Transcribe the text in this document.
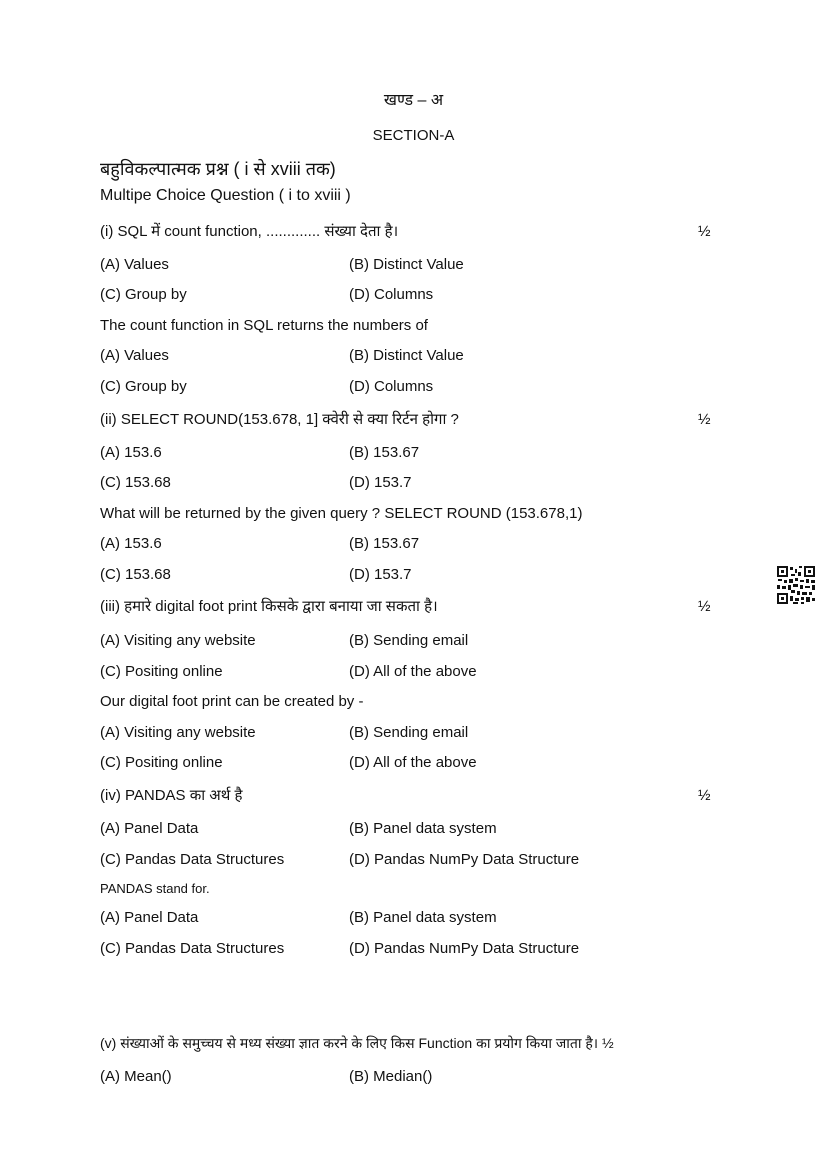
खण्ड – अ
SECTION-A
बहुविकल्पात्मक प्रश्न ( i से xviii तक)
Multipe Choice Question ( i to xviii )
(i) SQL में count function, ............. संख्या देता है।	½
(A) Values	(B) Distinct Value
(C) Group by	(D) Columns
The count function in SQL returns the numbers of
(A) Values	(B) Distinct Value
(C) Group by	(D) Columns
(ii) SELECT ROUND(153.678, 1] क्वेरी से क्या रिर्टन होगा ?	½
(A) 153.6	(B) 153.67
(C) 153.68	(D) 153.7
What will be returned by the given query ? SELECT ROUND (153.678,1)
(A) 153.6	(B) 153.67
(C) 153.68	(D) 153.7
(iii) हमारे digital foot print किसके द्वारा बनाया जा सकता है।	½
(A) Visiting any website	(B) Sending email
(C) Positing online	(D) All of the above
Our digital foot print can be created by -
(A) Visiting any website	(B) Sending email
(C) Positing online	(D) All of the above
(iv) PANDAS का अर्थ है	½
(A) Panel Data	(B) Panel data system
(C) Pandas Data Structures	(D) Pandas NumPy Data Structure
PANDAS stand for.
(A) Panel Data	(B) Panel data system
(C) Pandas Data Structures	(D) Pandas NumPy Data Structure
(v) संख्याओं के समुच्चय से मध्य संख्या ज्ञात करने के लिए किस Function का प्रयोग किया जाता है। ½
(A) Mean()	(B) Median()
